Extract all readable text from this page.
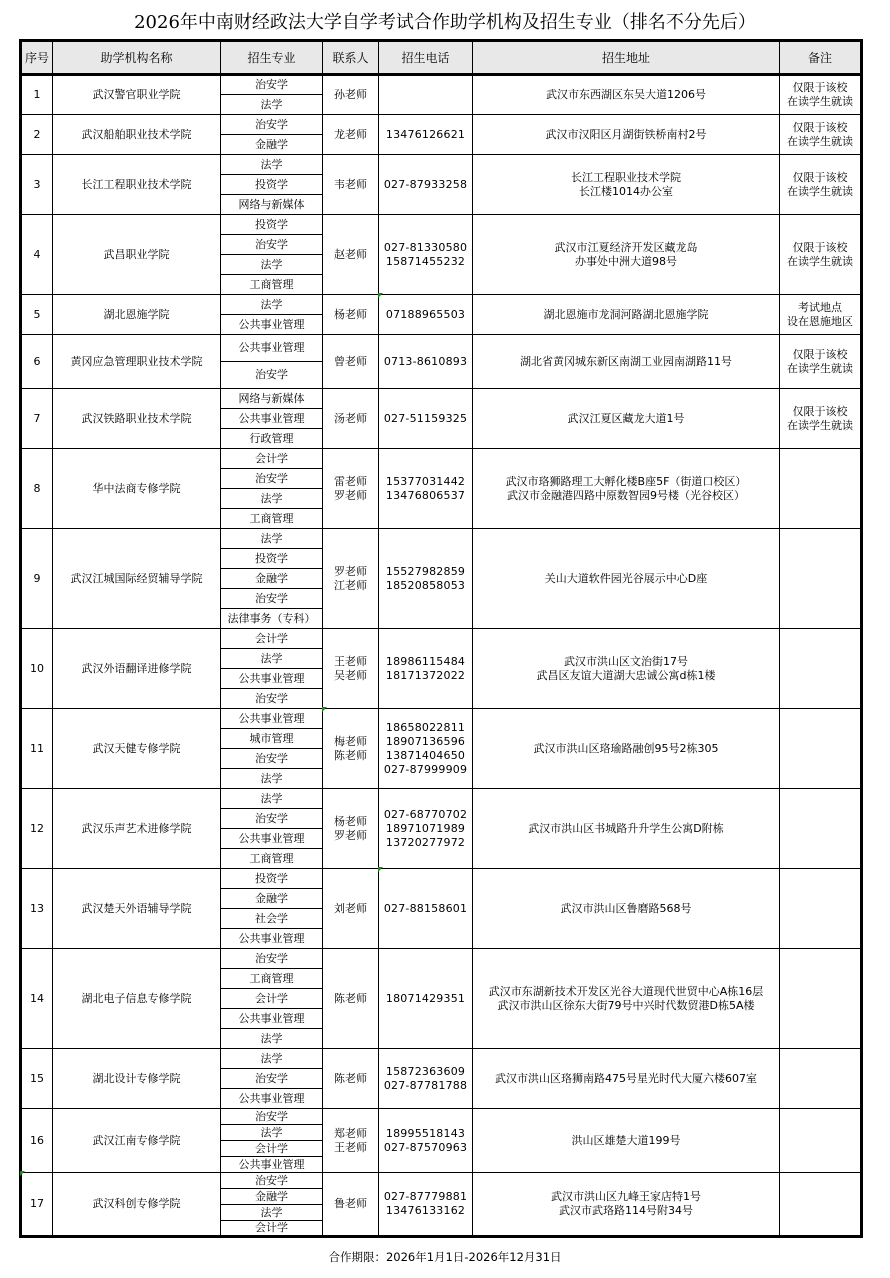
2026年中南财经政法大学自学考试合作助学机构及招生专业（排名不分先后）
序号	助学机构名称	招生专业	联系人	招生电话	招生地址	备注
1	武汉警官职业学院	治安学	孙老师		武汉市东西湖区东吴大道1206号	仅限于该校
在读学生就读

		法学				
2	武汉船舶职业技术学院	治安学	龙老师	13476126621	武汉市汉阳区月湖街铁桥南村2号	仅限于该校
在读学生就读

		金融学				
3	长江工程职业技术学院	法学	韦老师	027-87933258	长江工程职业技术学院
长江楼1014办公室	仅限于该校
在读学生就读

		投资学				
		网络与新媒体				
4	武昌职业学院	投资学	赵老师	027-81330580
15871455232	武汉市江夏经济开发区藏龙岛
办事处中洲大道98号	仅限于该校
在读学生就读

		治安学				
		法学				
		工商管理				
5	湖北恩施学院	法学	杨老师	07188965503	湖北恩施市龙洞河路湖北恩施学院	考试地点
设在恩施地区

		公共事业管理				
6	黄冈应急管理职业技术学院	公共事业管理	曾老师	0713-8610893	湖北省黄冈城东新区南湖工业园南湖路11号	仅限于该校
在读学生就读

		治安学				
7	武汉铁路职业技术学院	网络与新媒体	汤老师	027-51159325	武汉江夏区藏龙大道1号	仅限于该校
在读学生就读

		公共事业管理				
		行政管理				
8	华中法商专修学院	会计学	雷老师
罗老师	15377031442
13476806537	武汉市珞狮路理工大孵化楼B座5F（街道口校区）
武汉市金融港四路中原数智园9号楼（光谷校区）	

		治安学				
		法学				
		工商管理				
9	武汉江城国际经贸辅导学院	法学	罗老师
江老师	15527982859
18520858053	关山大道软件园光谷展示中心D座	

		投资学				
		金融学				
		治安学				
		法律事务（专科）				
10	武汉外语翻译进修学院	会计学	王老师
吴老师	18986115484
18171372022	武汉市洪山区文治街17号
武昌区友谊大道湖大忠诚公寓d栋1楼	

		法学				
		公共事业管理				
		治安学				
11	武汉天健专修学院	公共事业管理	梅老师
陈老师	18658022811
18907136596
13871404650
027-87999909	武汉市洪山区珞瑜路融创95号2栋305	

		城市管理				
		治安学				
		法学				
12	武汉乐声艺术进修学院	法学	杨老师
罗老师	027-68770702
18971071989
13720277972	武汉市洪山区书城路升升学生公寓D附栋	

		治安学				
		公共事业管理				
		工商管理				
13	武汉楚天外语辅导学院	投资学	刘老师	027-88158601	武汉市洪山区鲁磨路568号	

		金融学				
		社会学				
		公共事业管理				
14	湖北电子信息专修学院	治安学	陈老师	18071429351	武汉市东湖新技术开发区光谷大道现代世贸中心A栋16层
武汉市洪山区徐东大街79号中兴时代数贸港D栋5A楼	

		工商管理				
		会计学				
		公共事业管理				
		法学				
15	湖北设计专修学院	法学	陈老师	15872363609
027-87781788	武汉市洪山区珞狮南路475号星光时代大厦六楼607室	

		治安学				
		公共事业管理				
16	武汉江南专修学院	治安学	郑老师
王老师	18995518143
027-87570963	洪山区雄楚大道199号	

		法学				
		会计学				
		公共事业管理				
17	武汉科创专修学院	治安学	鲁老师	027-87779881
13476133162	武汉市洪山区九峰王家店特1号
武汉市武珞路114号附34号	

		金融学				
		法学				
		会计学				
合作期限：2026年1月1日-2026年12月31日
